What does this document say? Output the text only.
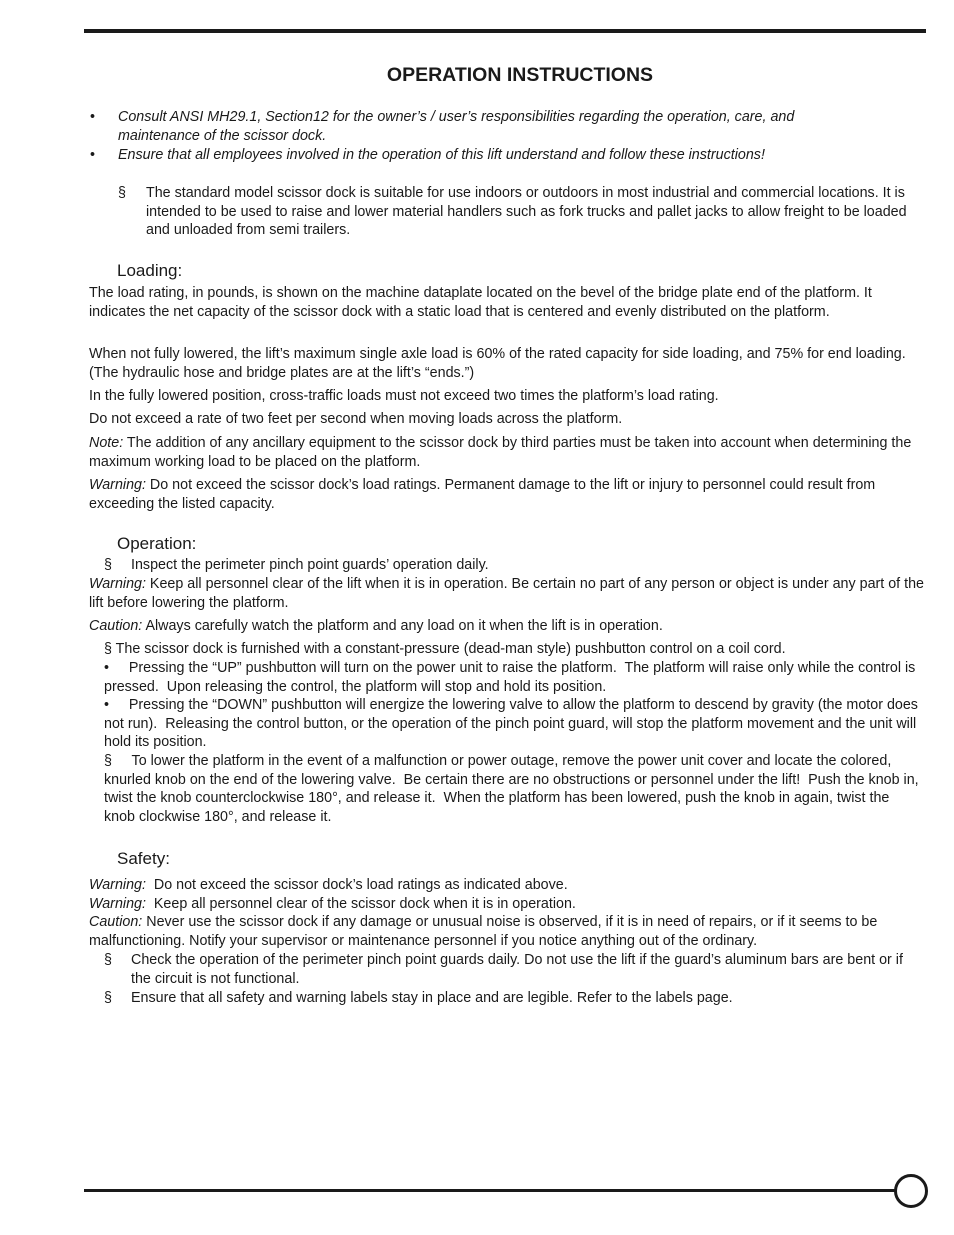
OPERATION INSTRUCTIONS
• Consult ANSI MH29.1, Section12 for the owner’s / user’s responsibilities regarding the operation, care, and maintenance of the scissor dock.
• Ensure that all employees involved in the operation of this lift understand and follow these instructions!
§ The standard model scissor dock is suitable for use indoors or outdoors in most industrial and commercial locations. It is intended to be used to raise and lower material handlers such as fork trucks and pallet jacks to allow freight to be loaded and unloaded from semi trailers.
Loading:
The load rating, in pounds, is shown on the machine dataplate located on the bevel of the bridge plate end of the platform. It indicates the net capacity of the scissor dock with a static load that is centered and evenly distributed on the platform.
When not fully lowered, the lift’s maximum single axle load is 60% of the rated capacity for side loading, and 75% for end loading. (The hydraulic hose and bridge plates are at the lift’s “ends.”)
In the fully lowered position, cross-traffic loads must not exceed two times the platform’s load rating.
Do not exceed a rate of two feet per second when moving loads across the platform.
Note: The addition of any ancillary equipment to the scissor dock by third parties must be taken into account when determining the maximum working load to be placed on the platform.
Warning: Do not exceed the scissor dock’s load ratings. Permanent damage to the lift or injury to personnel could result from exceeding the listed capacity.
Operation:
§ Inspect the perimeter pinch point guards’ operation daily.
Warning: Keep all personnel clear of the lift when it is in operation. Be certain no part of any person or object is under any part of the lift before lowering the platform.
Caution: Always carefully watch the platform and any load on it when the lift is in operation.
§ The scissor dock is furnished with a constant-pressure (dead-man style) pushbutton control on a coil cord.
•     Pressing the “UP” pushbutton will turn on the power unit to raise the platform.  The platform will raise only while the control is pressed.  Upon releasing the control, the platform will stop and hold its position.
•     Pressing the “DOWN” pushbutton will energize the lowering valve to allow the platform to descend by gravity (the motor does not run).  Releasing the control button, or the operation of the pinch point guard, will stop the platform movement and the unit will hold its position.
§     To lower the platform in the event of a malfunction or power outage, remove the power unit cover and locate the colored, knurled knob on the end of the lowering valve.  Be certain there are no obstructions or personnel under the lift!  Push the knob in, twist the knob counterclockwise 180°, and release it.  When the platform has been lowered, push the knob in again, twist the knob clockwise 180°, and release it.
Safety:
Warning:  Do not exceed the scissor dock’s load ratings as indicated above.
Warning:  Keep all personnel clear of the scissor dock when it is in operation.
Caution: Never use the scissor dock if any damage or unusual noise is observed, if it is in need of repairs, or if it seems to be malfunctioning. Notify your supervisor or maintenance personnel if you notice anything out of the ordinary.
§ Check the operation of the perimeter pinch point guards daily. Do not use the lift if the guard’s aluminum bars are bent or if the circuit is not functional.
§ Ensure that all safety and warning labels stay in place and are legible. Refer to the labels page.
